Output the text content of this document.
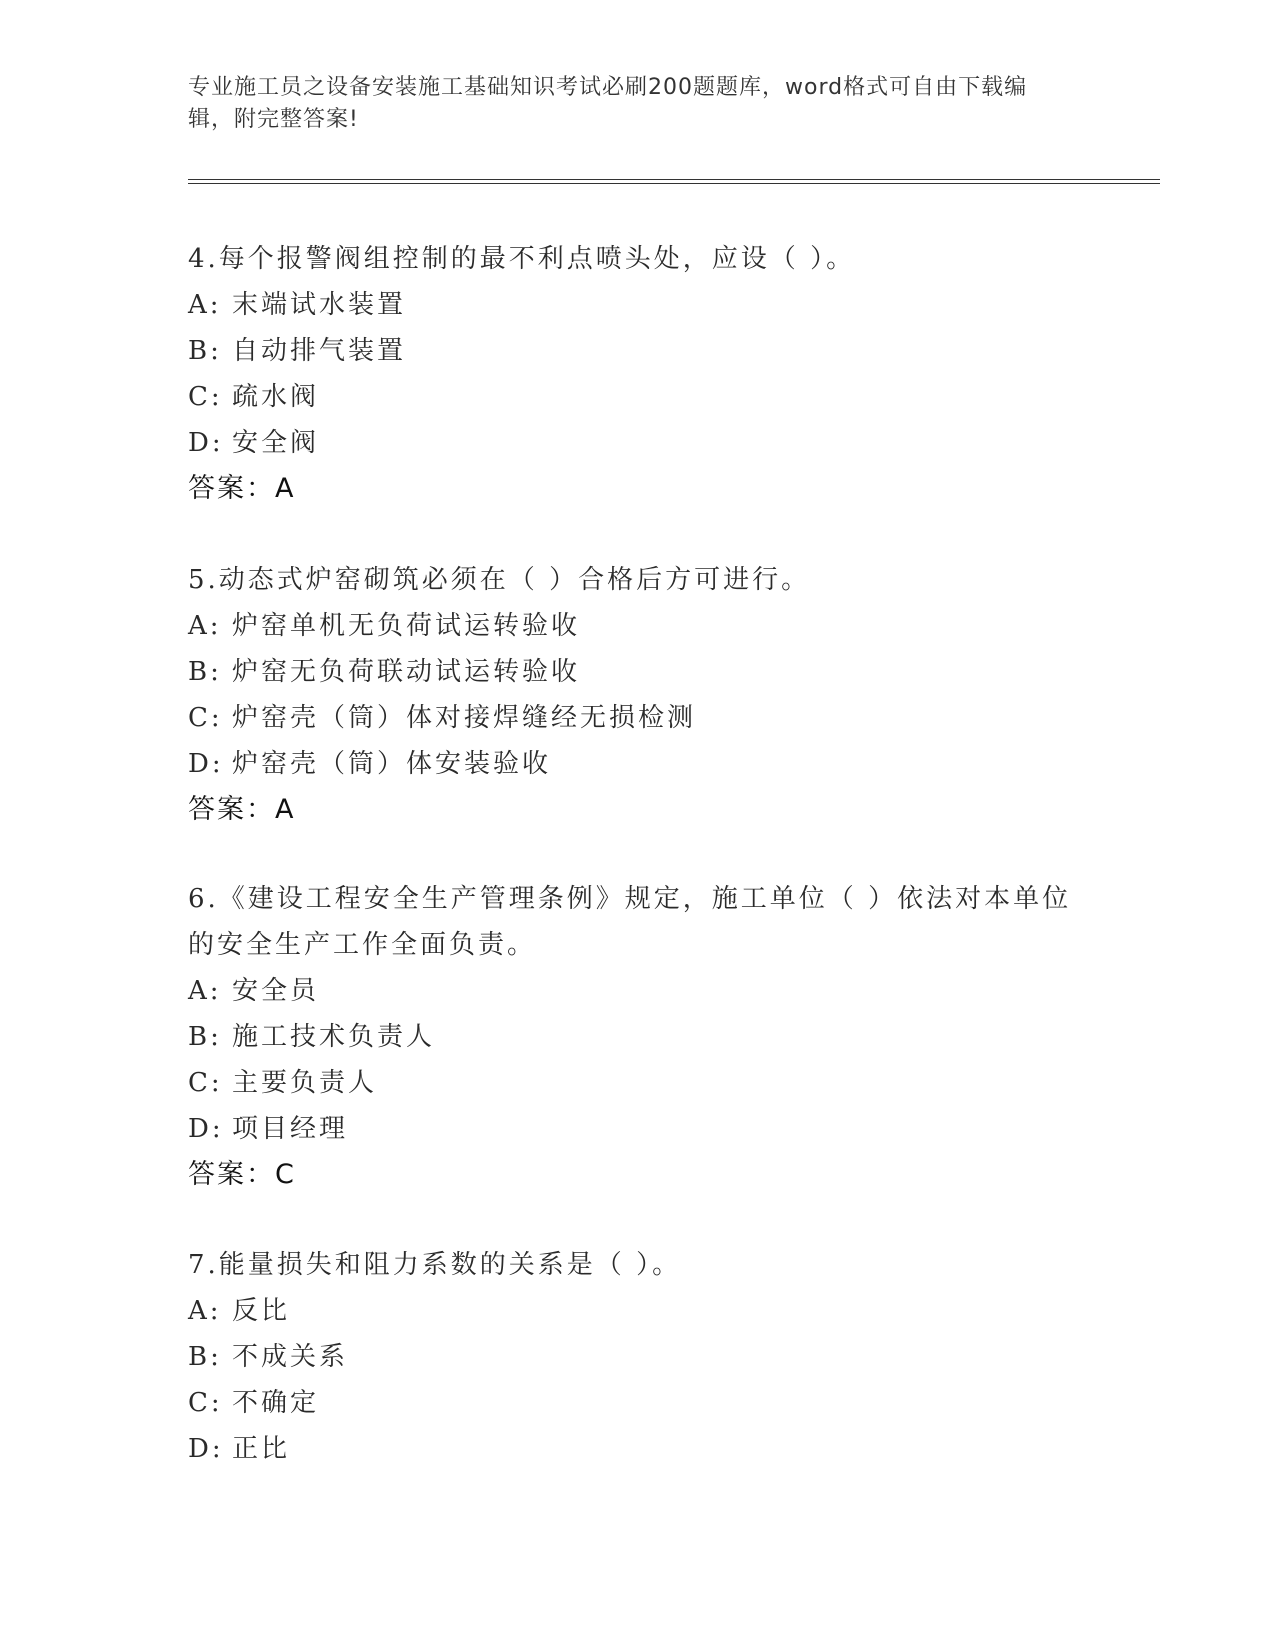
专业施工员之设备安装施工基础知识考试必刷200题题库，word格式可自由下载编辑，附完整答案!

4.每个报警阀组控制的最不利点喷头处，应设（ ）。

A: 末端试水装置

B: 自动排气装置

C: 疏水阀

D: 安全阀

答案：A

5.动态式炉窑砌筑必须在（ ）合格后方可进行。

A: 炉窑单机无负荷试运转验收

B: 炉窑无负荷联动试运转验收

C: 炉窑壳（筒）体对接焊缝经无损检测

D: 炉窑壳（筒）体安装验收

答案：A

6.《建设工程安全生产管理条例》规定，施工单位（ ）依法对本单位的安全生产工作全面负责。

A: 安全员

B: 施工技术负责人

C: 主要负责人

D: 项目经理

答案：C

7.能量损失和阻力系数的关系是（ ）。

A: 反比

B: 不成关系

C: 不确定

D: 正比
